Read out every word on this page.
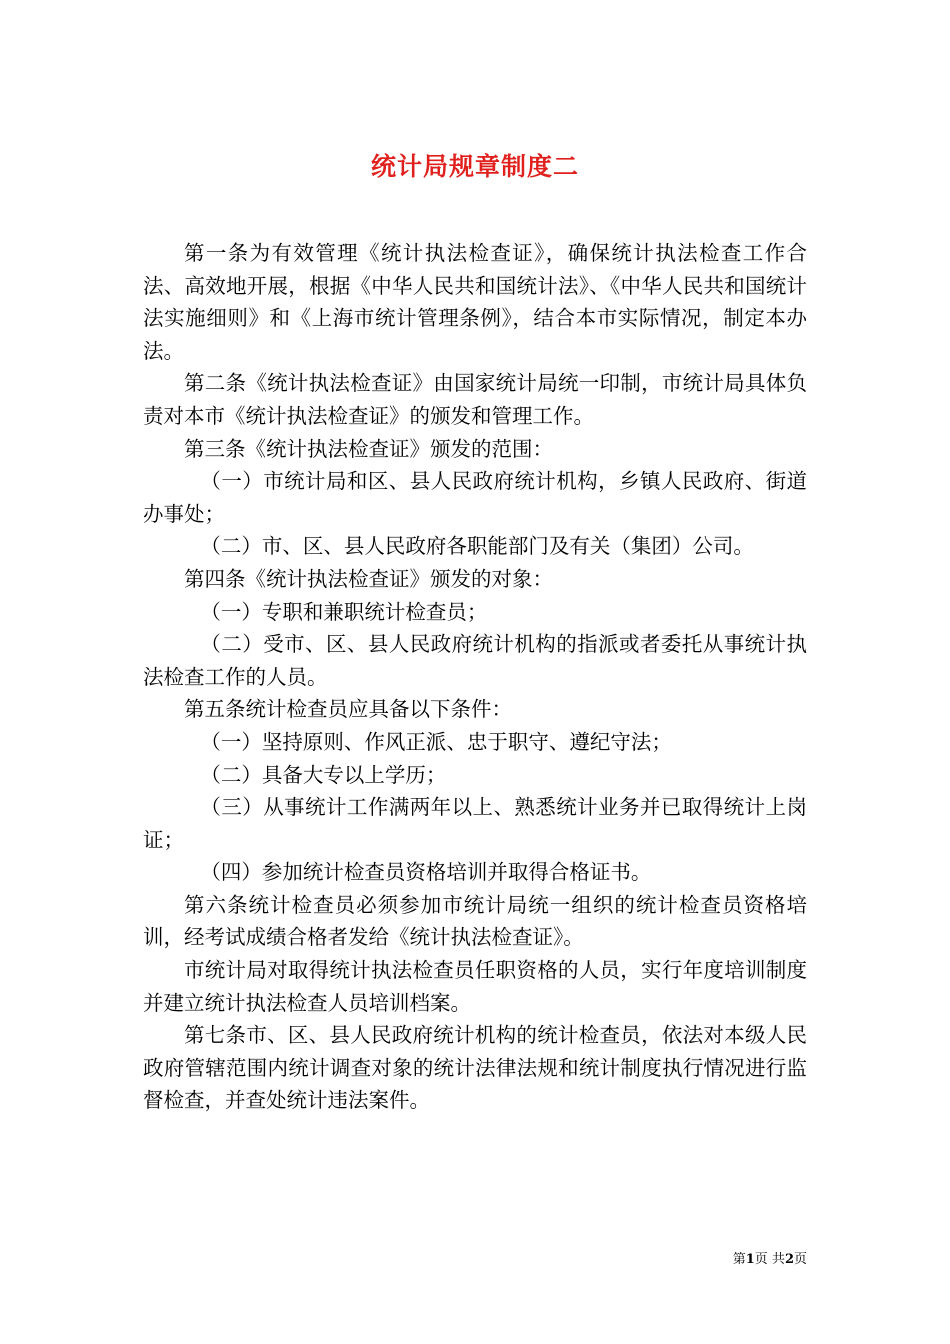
统计局规章制度二

第一条为有效管理《统计执法检查证》，确保统计执法检查工作合法、高效地开展，根据《中华人民共和国统计法》、《中华人民共和国统计法实施细则》和《上海市统计管理条例》，结合本市实际情况，制定本办法。

第二条《统计执法检查证》由国家统计局统一印制，市统计局具体负责对本市《统计执法检查证》的颁发和管理工作。

第三条《统计执法检查证》颁发的范围：

（一）市统计局和区、县人民政府统计机构，乡镇人民政府、街道办事处；

（二）市、区、县人民政府各职能部门及有关（集团）公司。

第四条《统计执法检查证》颁发的对象：

（一）专职和兼职统计检查员；

（二）受市、区、县人民政府统计机构的指派或者委托从事统计执法检查工作的人员。

第五条统计检查员应具备以下条件：

（一）坚持原则、作风正派、忠于职守、遵纪守法；

（二）具备大专以上学历；

（三）从事统计工作满两年以上、熟悉统计业务并已取得统计上岗证；

（四）参加统计检查员资格培训并取得合格证书。

第六条统计检查员必须参加市统计局统一组织的统计检查员资格培训，经考试成绩合格者发给《统计执法检查证》。

市统计局对取得统计执法检查员任职资格的人员，实行年度培训制度并建立统计执法检查人员培训档案。

第七条市、区、县人民政府统计机构的统计检查员，依法对本级人民政府管辖范围内统计调查对象的统计法律法规和统计制度执行情况进行监督检查，并查处统计违法案件。

第1页 共2页
